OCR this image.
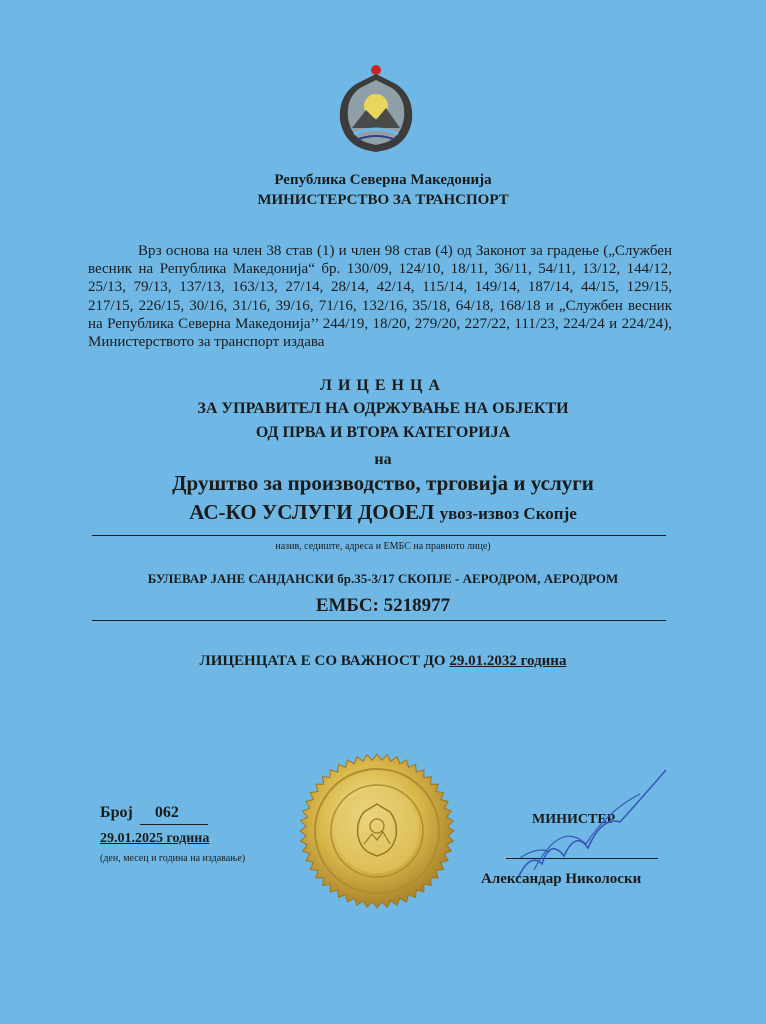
Република Северна Македонија
МИНИСТЕРСТВО ЗА ТРАНСПОРТ

Врз основа на член 38 став (1) и член 98 став (4) од Законот за градење („Службен весник на Република Македонија“ бр. 130/09, 124/10, 18/11, 36/11, 54/11, 13/12, 144/12, 25/13, 79/13, 137/13, 163/13, 27/14, 28/14, 42/14, 115/14, 149/14, 187/14, 44/15, 129/15, 217/15, 226/15, 30/16, 31/16, 39/16, 71/16, 132/16, 35/18, 64/18, 168/18 и „Службен весник на Република Северна Македонија’’ 244/19, 18/20, 279/20, 227/22, 111/23, 224/24 и 224/24), Министерството за транспорт издава

ЛИЦЕНЦА
ЗА УПРАВИТЕЛ НА ОДРЖУВАЊЕ НА ОБЈЕКТИ
ОД ПРВА И ВТОРА КАТЕГОРИЈА
на
Друштво за производство, трговија и услуги
АС-КО УСЛУГИ ДООЕЛ увоз-извоз Скопје
назив, седиште, адреса и ЕМБС на правното лице)
БУЛЕВАР ЈАНЕ САНДАНСКИ бр.35-3/17 СКОПЈЕ - АЕРОДРОМ, АЕРОДРОМ
ЕМБС: 5218977
ЛИЦЕНЦАТА Е СО ВАЖНОСТ ДО 29.01.2032 година
Број 062
29.01.2025 година
(ден, месец и година на издавање)
МИНИСТЕР
Александар Николоски
